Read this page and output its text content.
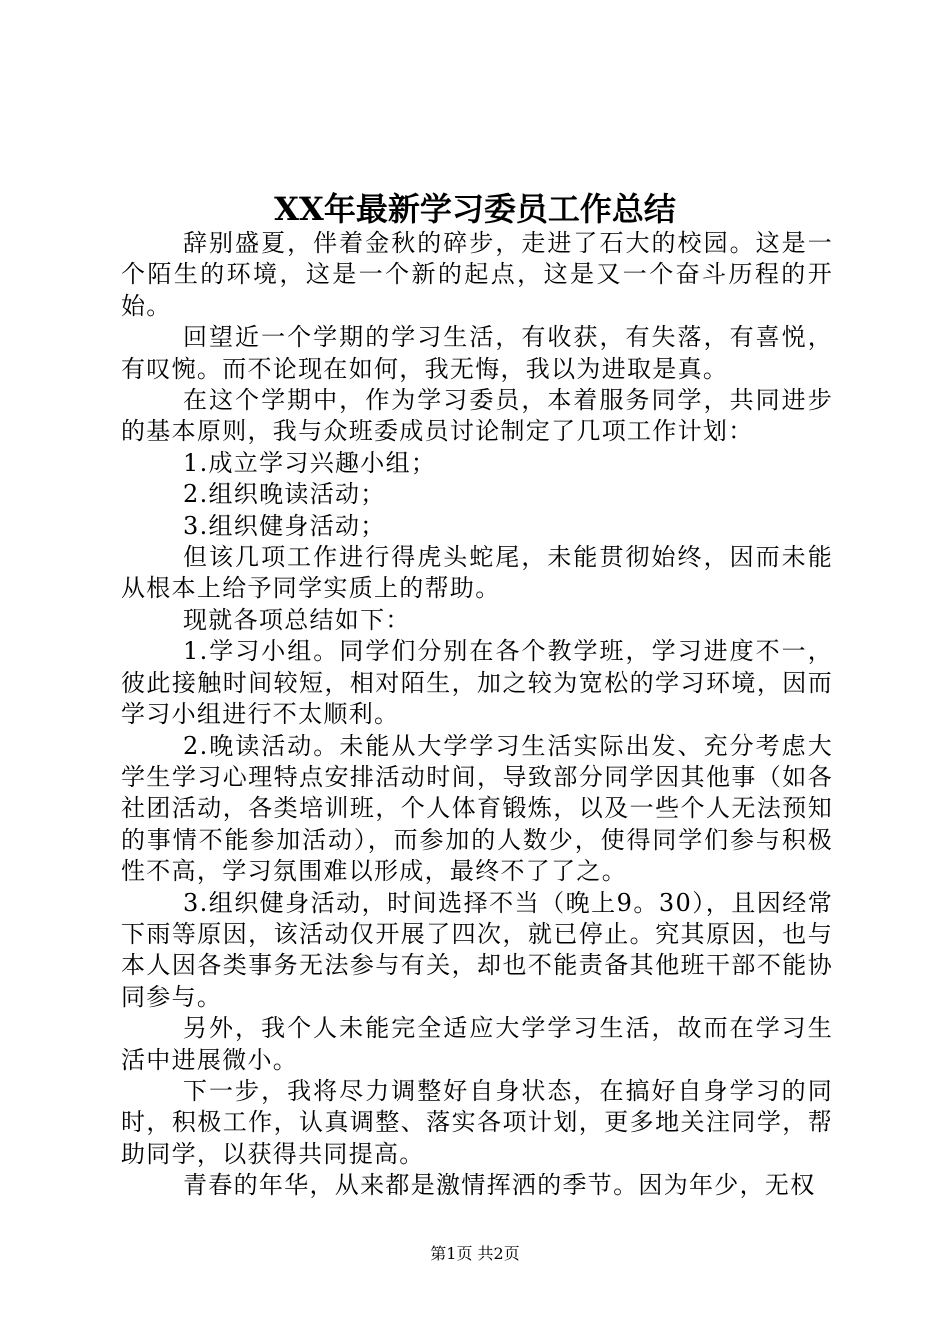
XX年最新学习委员工作总结

辞别盛夏，伴着金秋的碎步，走进了石大的校园。这是一个陌生的环境，这是一个新的起点，这是又一个奋斗历程的开始。

回望近一个学期的学习生活，有收获，有失落，有喜悦，有叹惋。而不论现在如何，我无悔，我以为进取是真。

在这个学期中，作为学习委员，本着服务同学，共同进步的基本原则，我与众班委成员讨论制定了几项工作计划：

1.成立学习兴趣小组；

2.组织晚读活动；

3.组织健身活动；

但该几项工作进行得虎头蛇尾，未能贯彻始终，因而未能从根本上给予同学实质上的帮助。

现就各项总结如下：

1.学习小组。同学们分别在各个教学班，学习进度不一，彼此接触时间较短，相对陌生，加之较为宽松的学习环境，因而学习小组进行不太顺利。

2.晚读活动。未能从大学学习生活实际出发、充分考虑大学生学习心理特点安排活动时间，导致部分同学因其他事（如各社团活动，各类培训班，个人体育锻炼，以及一些个人无法预知的事情不能参加活动），而参加的人数少，使得同学们参与积极性不高，学习氛围难以形成，最终不了了之。

3.组织健身活动，时间选择不当（晚上9。30），且因经常下雨等原因，该活动仅开展了四次，就已停止。究其原因，也与本人因各类事务无法参与有关，却也不能责备其他班干部不能协同参与。

另外，我个人未能完全适应大学学习生活，故而在学习生活中进展微小。

下一步，我将尽力调整好自身状态，在搞好自身学习的同时，积极工作，认真调整、落实各项计划，更多地关注同学，帮助同学，以获得共同提高。

青春的年华，从来都是激情挥洒的季节。因为年少，无权

第1页 共2页
